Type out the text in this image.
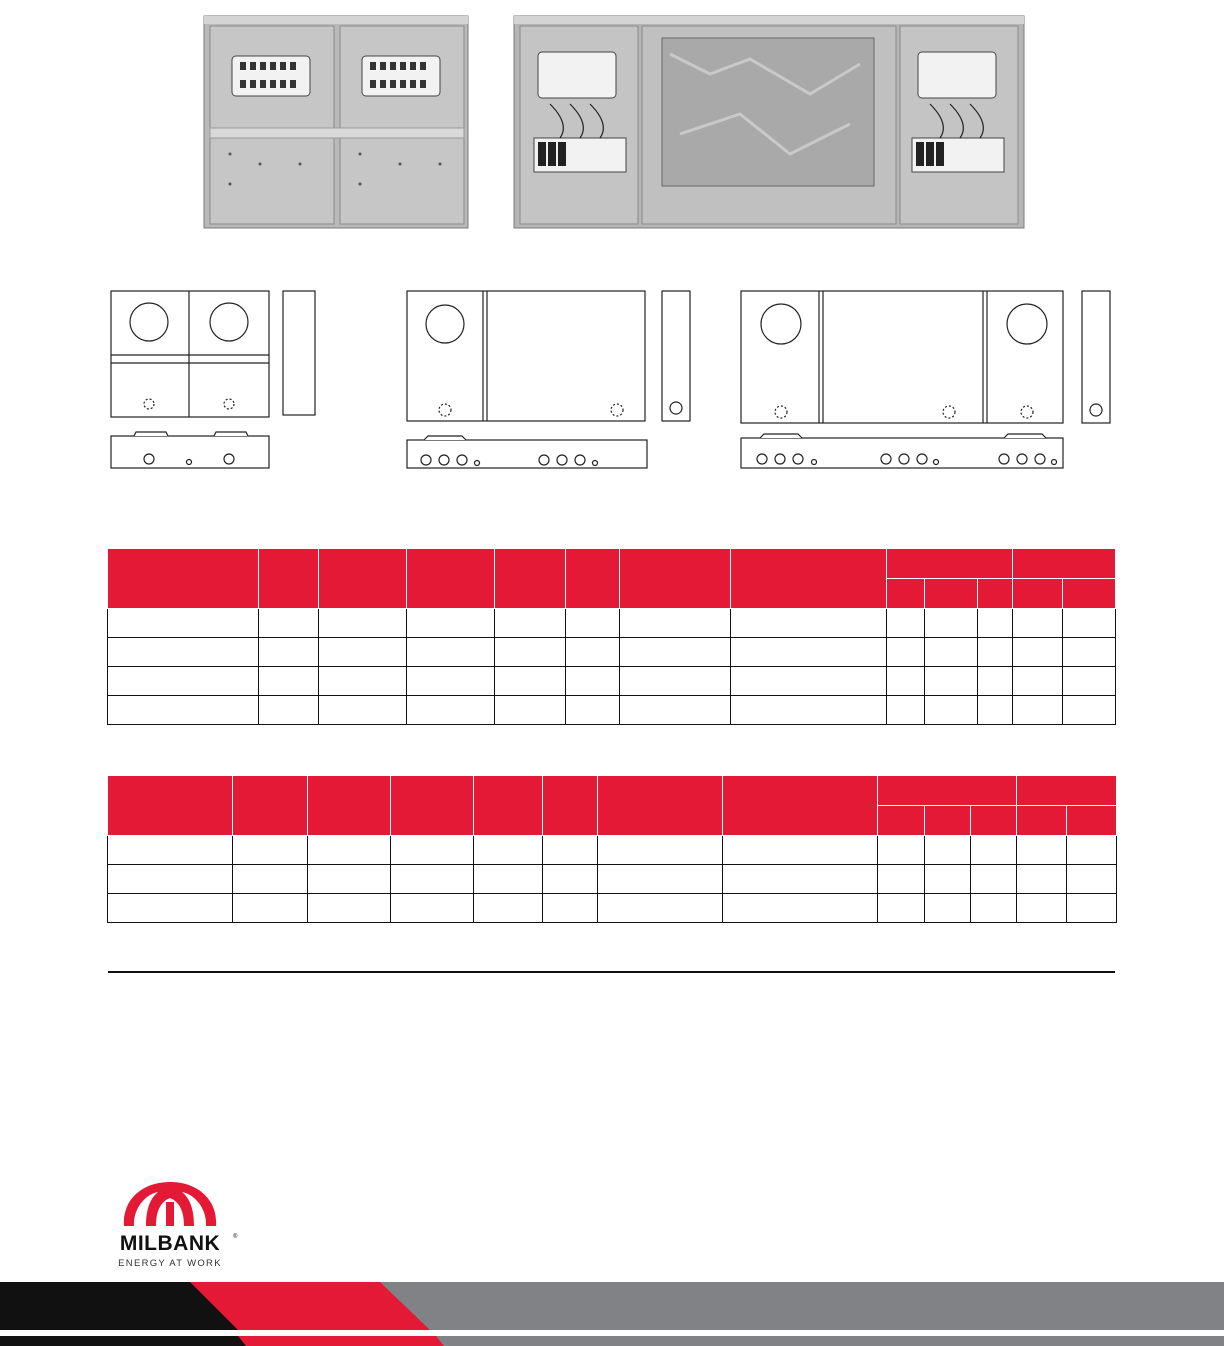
MILBANK ®
ENERGY AT WORK
